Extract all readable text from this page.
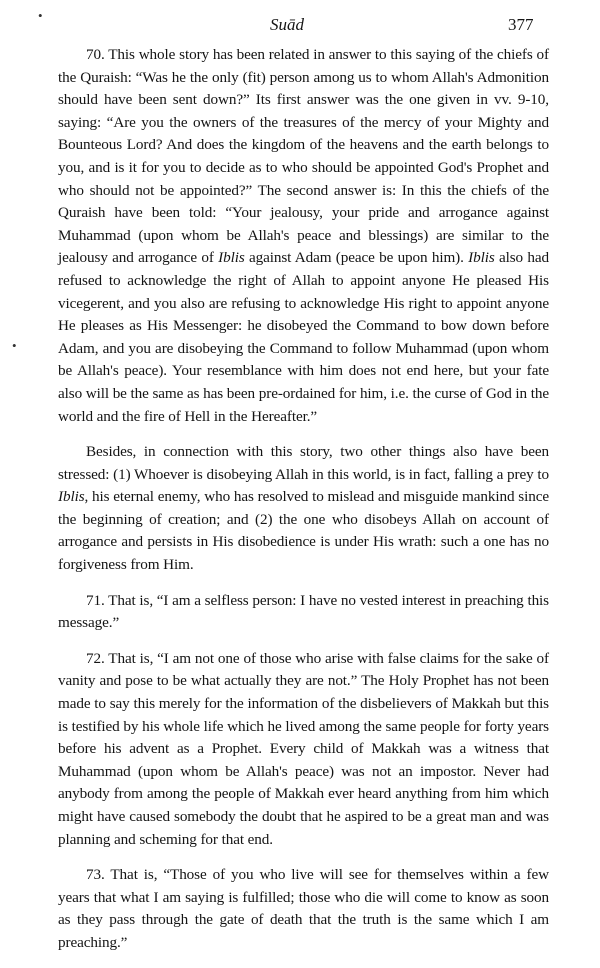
Suād	377
•
•

70. This whole story has been related in answer to this saying of the chiefs of the Quraish: “Was he the only (fit) person among us to whom Allah's Admonition should have been sent down?” Its first answer was the one given in vv. 9-10, saying: “Are you the owners of the treasures of the mercy of your Mighty and Bounteous Lord? And does the kingdom of the heavens and the earth belongs to you, and is it for you to decide as to who should be appointed God's Prophet and who should not be appointed?” The second answer is: In this the chiefs of the Quraish have been told: “Your jealousy, your pride and arrogance against Muhammad (upon whom be Allah's peace and blessings) are similar to the jealousy and arrogance of Iblis against Adam (peace be upon him). Iblis also had refused to acknowledge the right of Allah to appoint anyone He pleased His vicegerent, and you also are refusing to acknowledge His right to appoint anyone He pleases as His Messenger: he disobeyed the Command to bow down before Adam, and you are disobeying the Command to follow Muhammad (upon whom be Allah's peace). Your resemblance with him does not end here, but your fate also will be the same as has been pre-ordained for him, i.e. the curse of God in the world and the fire of Hell in the Hereafter.”

Besides, in connection with this story, two other things also have been stressed: (1) Whoever is disobeying Allah in this world, is in fact, falling a prey to Iblis, his eternal enemy, who has resolved to mislead and misguide mankind since the beginning of creation; and (2) the one who disobeys Allah on account of arrogance and persists in His disobedience is under His wrath: such a one has no forgiveness from Him.

71. That is, “I am a selfless person: I have no vested interest in preaching this message.”

72. That is, “I am not one of those who arise with false claims for the sake of vanity and pose to be what actually they are not.” The Holy Prophet has not been made to say this merely for the information of the disbelievers of Makkah but this is testified by his whole life which he lived among the same people for forty years before his advent as a Prophet. Every child of Makkah was a witness that Muhammad (upon whom be Allah's peace) was not an impostor. Never had anybody from among the people of Makkah ever heard anything from him which might have caused somebody the doubt that he aspired to be a great man and was planning and scheming for that end.

73. That is, “Those of you who live will see for themselves within a few years that what I am saying is fulfilled; those who die will come to know as soon as they pass through the gate of death that the truth is the same which I am preaching.”
